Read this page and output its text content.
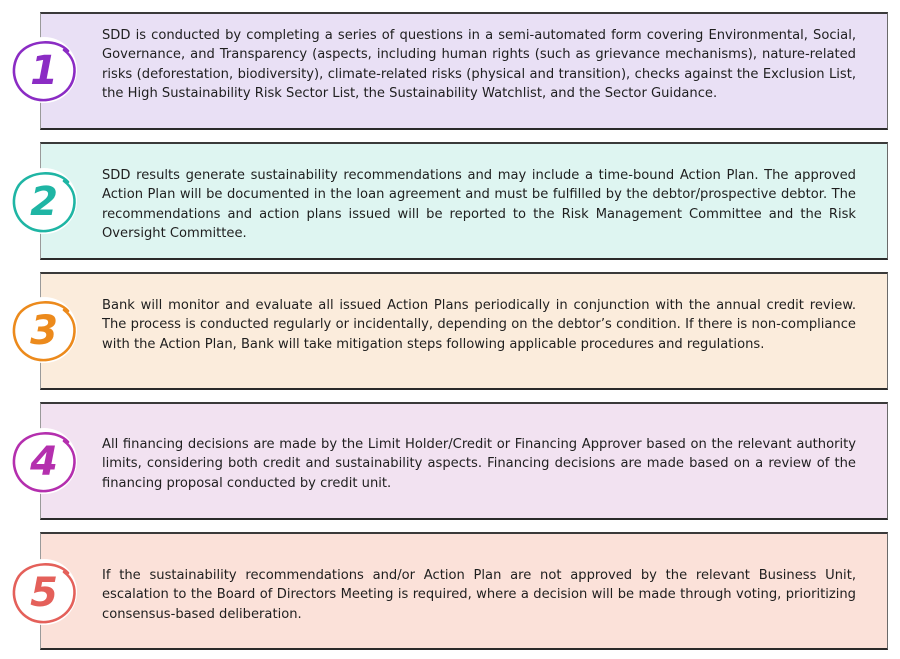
1
SDD is conducted by completing a series of questions in a semi-automated form covering Environmental, Social, Governance, and Transparency (aspects, including human rights (such as grievance mechanisms), nature-related risks (deforestation, biodiversity), climate-related risks (physical and transition), checks against the Exclusion List, the High Sustainability Risk Sector List, the Sustainability Watchlist, and the Sector Guidance.
2
SDD results generate sustainability recommendations and may include a time-bound Action Plan. The approved Action Plan will be documented in the loan agreement and must be fulfilled by the debtor/prospective debtor. The recommendations and action plans issued will be reported to the Risk Management Committee and the Risk Oversight Committee.
3
Bank will monitor and evaluate all issued Action Plans periodically in conjunction with the annual credit review. The process is conducted regularly or incidentally, depending on the debtor’s condition. If there is non-compliance with the Action Plan, Bank will take mitigation steps following applicable procedures and regulations.
4	All financing decisions are made by the Limit Holder/Credit or Financing Approver based on the relevant authority limits, considering both credit and sustainability aspects. Financing decisions are made based on a review of the financing proposal conducted by credit unit.
5	If the sustainability recommendations and/or Action Plan are not approved by the relevant Business Unit, escalation to the Board of Directors Meeting is required, where a decision will be made through voting, prioritizing consensus-based deliberation.
